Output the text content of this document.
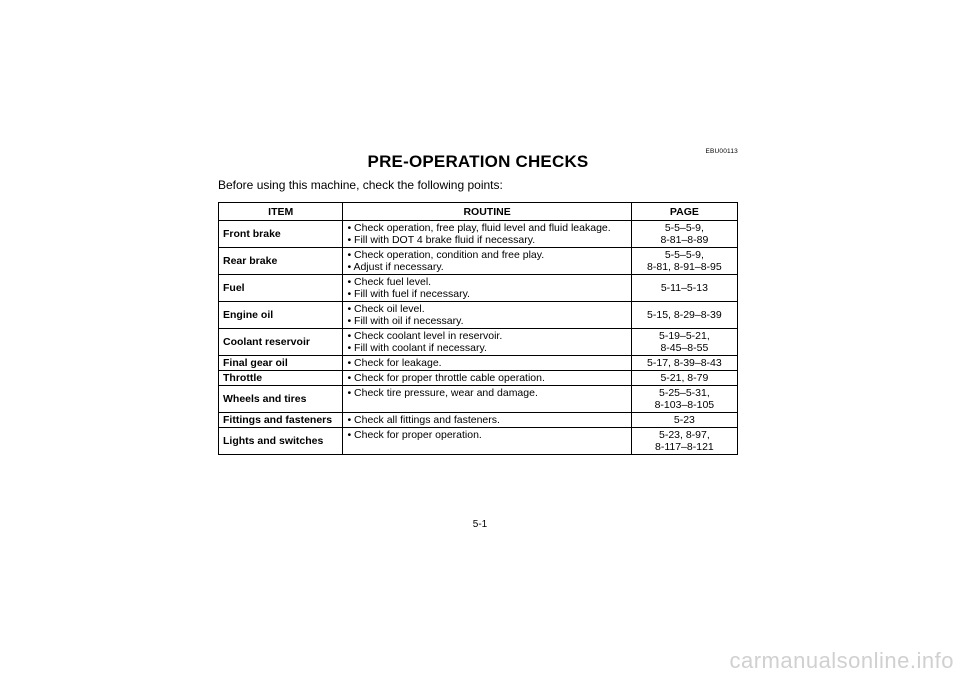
EBU00113
PRE-OPERATION CHECKS

Before using this machine, check the following points:

ITEM	ROUTINE	PAGE
Front brake	• Check operation, free play, fluid level and fluid leakage.
• Fill with DOT 4 brake fluid if necessary.	5-5–5-9,
8-81–8-89

Rear brake	• Check operation, condition and free play.
• Adjust if necessary.	5-5–5-9,
8-81, 8-91–8-95

Fuel	• Check fuel level.
• Fill with fuel if necessary.	5-11–5-13

Engine oil	• Check oil level.
• Fill with oil if necessary.	5-15, 8-29–8-39

Coolant reservoir	• Check coolant level in reservoir.
• Fill with coolant if necessary.	5-19–5-21,
8-45–8-55

Final gear oil	• Check for leakage.	5-17, 8-39–8-43

Throttle	• Check for proper throttle cable operation.	5-21, 8-79

Wheels and tires	• Check tire pressure, wear and damage.	5-25–5-31,
8-103–8-105

Fittings and fasteners	• Check all fittings and fasteners.	5-23

Lights and switches	• Check for proper operation.	5-23, 8-97,
8-117–8-121
5-1
carmanualsonline.info
